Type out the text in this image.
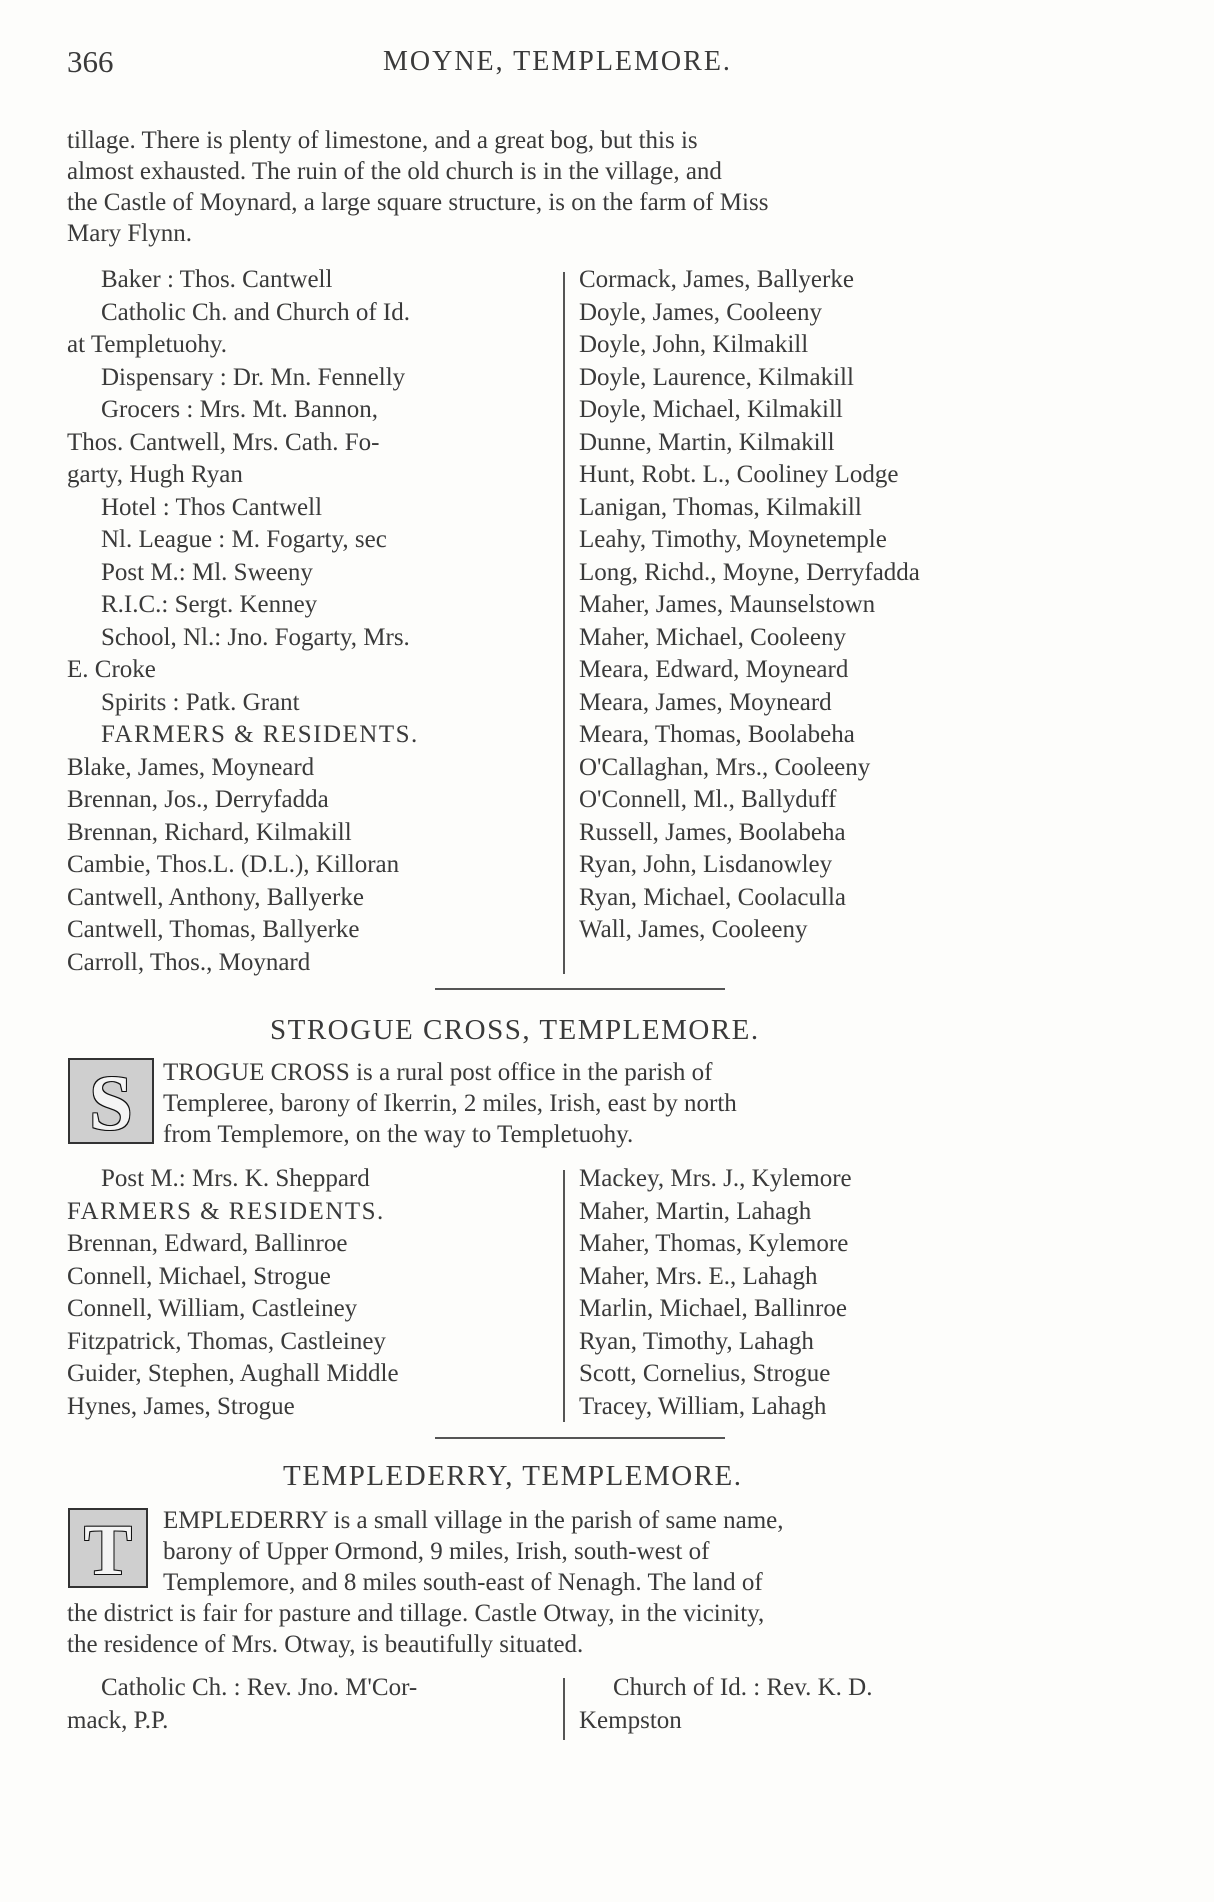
366	MOYNE, TEMPLEMORE.
tillage. There is plenty of limestone, and a great bog, but this is
almost exhausted. The ruin of the old church is in the village, and
the Castle of Moynard, a large square structure, is on the farm of Miss
Mary Flynn.
Baker : Thos. Cantwell
Catholic Ch. and Church of Id.
at Templetuohy.
Dispensary : Dr. Mn. Fennelly
Grocers : Mrs. Mt. Bannon,
Thos. Cantwell, Mrs. Cath. Fo-
garty, Hugh Ryan
Hotel : Thos Cantwell
Nl. League : M. Fogarty, sec
Post M.: Ml. Sweeny
R.I.C.: Sergt. Kenney
School, Nl.: Jno. Fogarty, Mrs.
E. Croke
Spirits : Patk. Grant
FARMERS & RESIDENTS.
Blake, James, Moyneard
Brennan, Jos., Derryfadda
Brennan, Richard, Kilmakill
Cambie, Thos.L. (D.L.), Killoran
Cantwell, Anthony, Ballyerke
Cantwell, Thomas, Ballyerke
Carroll, Thos., Moynard
Cormack, James, Ballyerke
Doyle, James, Cooleeny
Doyle, John, Kilmakill
Doyle, Laurence, Kilmakill
Doyle, Michael, Kilmakill
Dunne, Martin, Kilmakill
Hunt, Robt. L., Cooliney Lodge
Lanigan, Thomas, Kilmakill
Leahy, Timothy, Moynetemple
Long, Richd., Moyne, Derryfadda
Maher, James, Maunselstown
Maher, Michael, Cooleeny
Meara, Edward, Moyneard
Meara, James, Moyneard
Meara, Thomas, Boolabeha
O'Callaghan, Mrs., Cooleeny
O'Connell, Ml., Ballyduff
Russell, James, Boolabeha
Ryan, John, Lisdanowley
Ryan, Michael, Coolaculla
Wall, James, Cooleeny
STROGUE CROSS, TEMPLEMORE.
S	TROGUE CROSS is a rural post office in the parish of
Templeree, barony of Ikerrin, 2 miles, Irish, east by north
from Templemore, on the way to Templetuohy.
Post M.: Mrs. K. Sheppard
FARMERS & RESIDENTS.
Brennan, Edward, Ballinroe
Connell, Michael, Strogue
Connell, William, Castleiney
Fitzpatrick, Thomas, Castleiney
Guider, Stephen, Aughall Middle
Hynes, James, Strogue
Mackey, Mrs. J., Kylemore
Maher, Martin, Lahagh
Maher, Thomas, Kylemore
Maher, Mrs. E., Lahagh
Marlin, Michael, Ballinroe
Ryan, Timothy, Lahagh
Scott, Cornelius, Strogue
Tracey, William, Lahagh
TEMPLEDERRY, TEMPLEMORE.
T	EMPLEDERRY is a small village in the parish of same name,
barony of Upper Ormond, 9 miles, Irish, south-west of
Templemore, and 8 miles south-east of Nenagh. The land of
the district is fair for pasture and tillage. Castle Otway, in the vicinity,
the residence of Mrs. Otway, is beautifully situated.
Catholic Ch. : Rev. Jno. M'Cor-
mack, P.P.
Church of Id. : Rev. K. D.
Kempston
